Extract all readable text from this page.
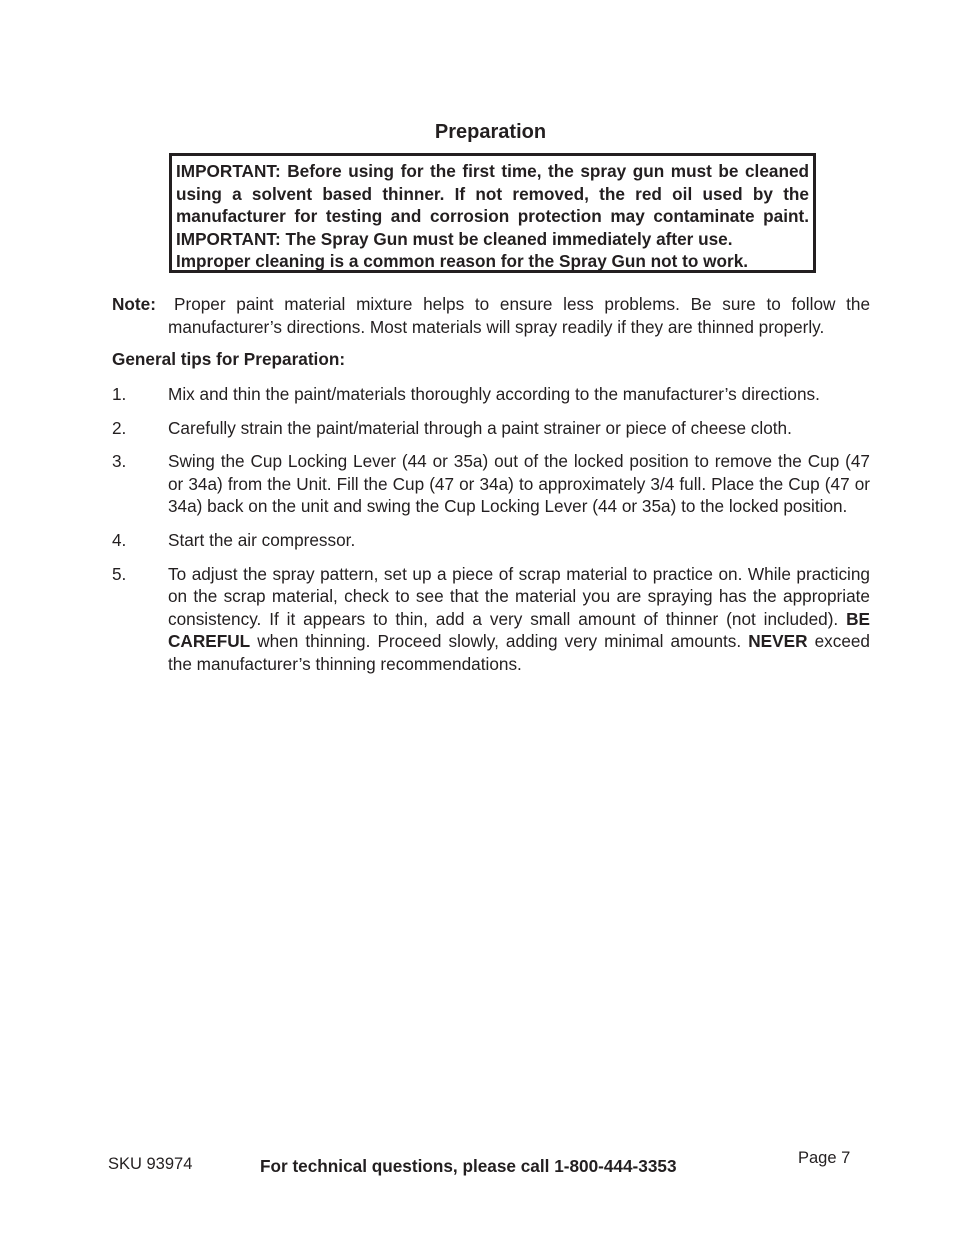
Preparation
IMPORTANT: Before using for the first time, the spray gun must be cleaned
using a solvent based thinner. If not removed, the red oil used by the
manufacturer for testing and corrosion protection may contaminate paint.
IMPORTANT: The Spray Gun must be cleaned immediately after use.
Improper cleaning is a common reason for the Spray Gun not to work.
Note: Proper paint material mixture helps to ensure less problems. Be sure to follow the
manufacturer’s directions. Most materials will spray readily if they are thinned properly.
General tips for Preparation:
1. Mix and thin the paint/materials thoroughly according to the manufacturer’s directions.
2. Carefully strain the paint/material through a paint strainer or piece of cheese cloth.
3. Swing the Cup Locking Lever (44 or 35a) out of the locked position to remove the Cup (47 or 34a) from the Unit. Fill the Cup (47 or 34a) to approximately 3/4 full. Place the Cup (47 or 34a) back on the unit and swing the Cup Locking Lever (44 or 35a) to the locked position.
4. Start the air compressor.
5. To adjust the spray pattern, set up a piece of scrap material to practice on. While practicing on the scrap material, check to see that the material you are spraying has the appropriate consistency. If it appears to thin, add a very small amount of thinner (not included). BE CAREFUL when thinning. Proceed slowly, adding very minimal amounts. NEVER exceed the manufacturer’s thinning recommendations.
SKU 93974	For technical questions, please call 1-800-444-3353	Page 7
